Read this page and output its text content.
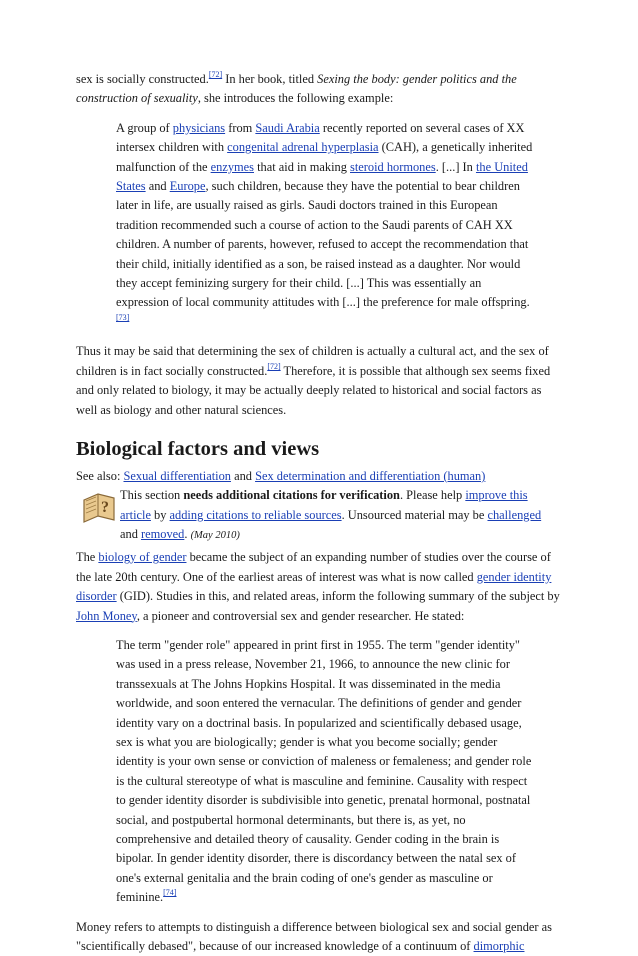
sex is socially constructed.[72] In her book, titled Sexing the body: gender politics and the construction of sexuality, she introduces the following example:

A group of physicians from Saudi Arabia recently reported on several cases of XX intersex children with congenital adrenal hyperplasia (CAH), a genetically inherited malfunction of the enzymes that aid in making steroid hormones. [...] In the United States and Europe, such children, because they have the potential to bear children later in life, are usually raised as girls. Saudi doctors trained in this European tradition recommended such a course of action to the Saudi parents of CAH XX children. A number of parents, however, refused to accept the recommendation that their child, initially identified as a son, be raised instead as a daughter. Nor would they accept feminizing surgery for their child. [...] This was essentially an expression of local community attitudes with [...] the preference for male offspring.[73]

Thus it may be said that determining the sex of children is actually a cultural act, and the sex of children is in fact socially constructed.[72] Therefore, it is possible that although sex seems fixed and only related to biology, it may be actually deeply related to historical and social factors as well as biology and other natural sciences.

Biological factors and views

See also: Sexual differentiation and Sex determination and differentiation (human)

?

This section needs additional citations for verification. Please help improve this article by adding citations to reliable sources. Unsourced material may be challenged and removed. (May 2010)

The biology of gender became the subject of an expanding number of studies over the course of the late 20th century. One of the earliest areas of interest was what is now called gender identity disorder (GID). Studies in this, and related areas, inform the following summary of the subject by John Money, a pioneer and controversial sex and gender researcher. He stated:

The term "gender role" appeared in print first in 1955. The term "gender identity" was used in a press release, November 21, 1966, to announce the new clinic for transsexuals at The Johns Hopkins Hospital. It was disseminated in the media worldwide, and soon entered the vernacular. The definitions of gender and gender identity vary on a doctrinal basis. In popularized and scientifically debased usage, sex is what you are biologically; gender is what you become socially; gender identity is your own sense or conviction of maleness or femaleness; and gender role is the cultural stereotype of what is masculine and feminine. Causality with respect to gender identity disorder is subdivisible into genetic, prenatal hormonal, postnatal social, and postpubertal hormonal determinants, but there is, as yet, no comprehensive and detailed theory of causality. Gender coding in the brain is bipolar. In gender identity disorder, there is discordancy between the natal sex of one's external genitalia and the brain coding of one's gender as masculine or feminine.[74]

Money refers to attempts to distinguish a difference between biological sex and social gender as "scientifically debased", because of our increased knowledge of a continuum of dimorphic
